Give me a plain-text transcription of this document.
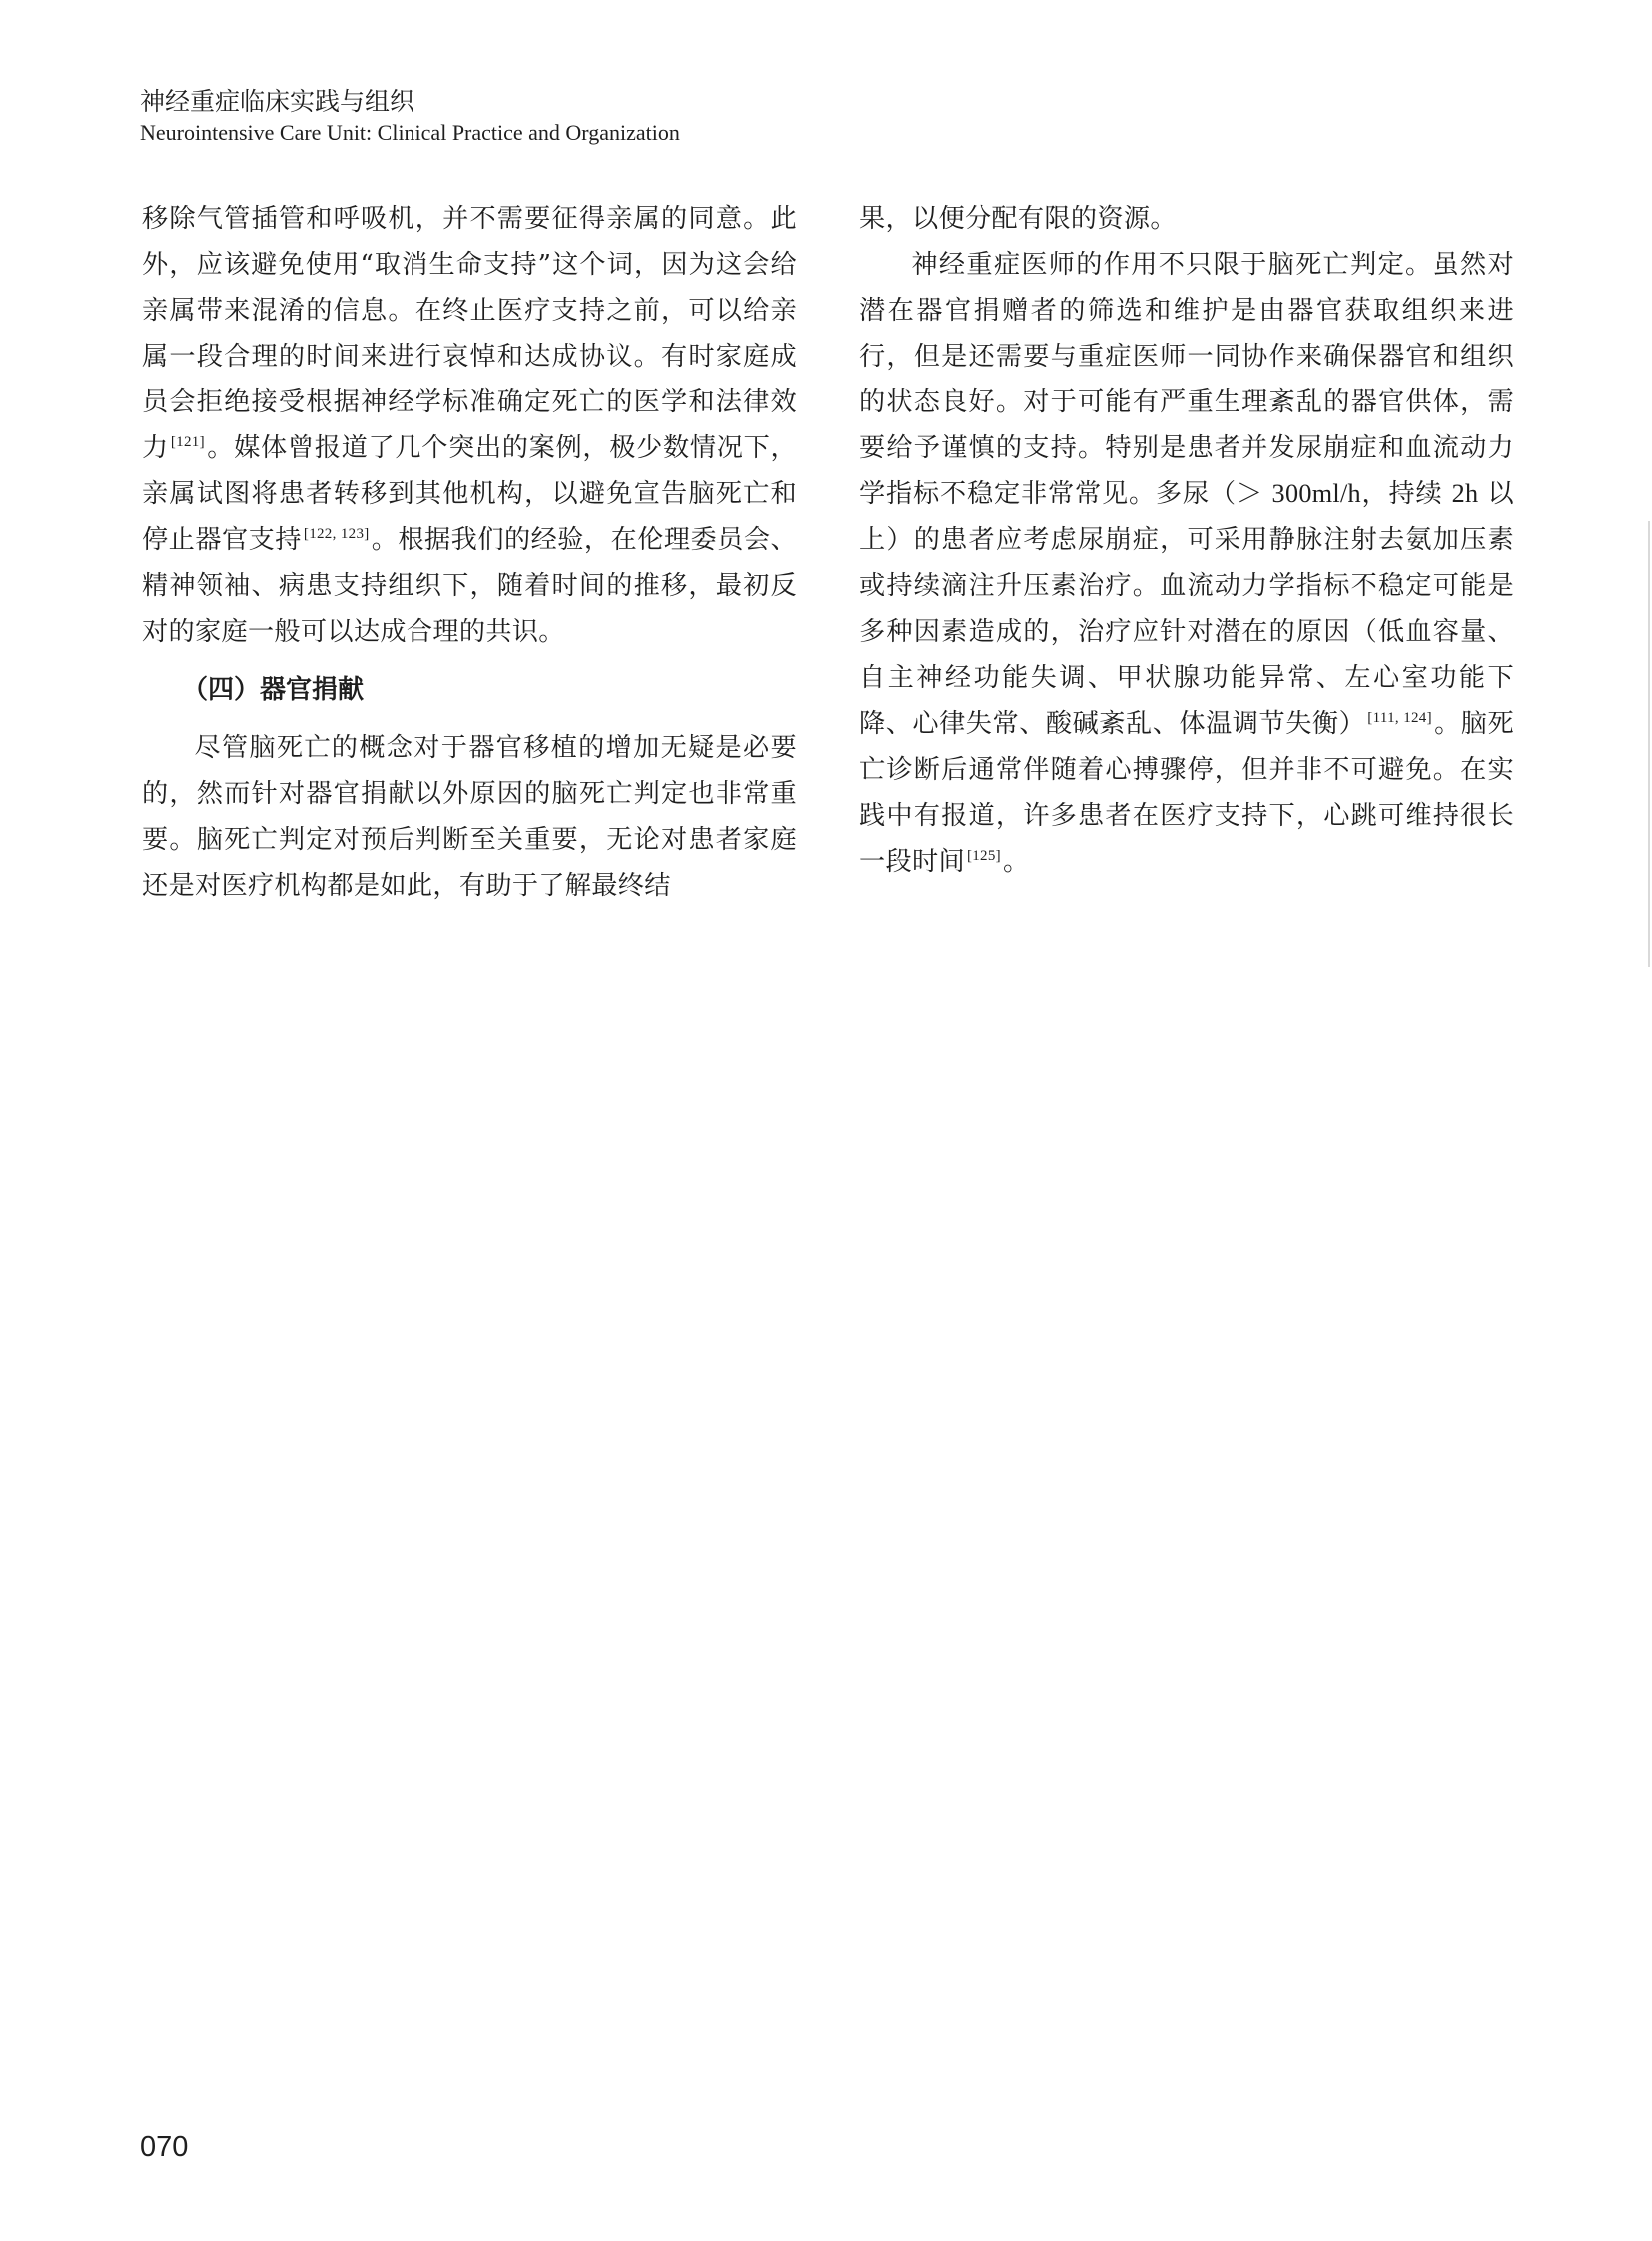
神经重症临床实践与组织
Neurointensive Care Unit: Clinical Practice and Organization

移除气管插管和呼吸机，并不需要征得亲属的同意。此外，应该避免使用“取消生命支持”这个词，因为这会给亲属带来混淆的信息。在终止医疗支持之前，可以给亲属一段合理的时间来进行哀悼和达成协议。有时家庭成员会拒绝接受根据神经学标准确定死亡的医学和法律效力 [121]。媒体曾报道了几个突出的案例，极少数情况下，亲属试图将患者转移到其他机构，以避免宣告脑死亡和停止器官支持 [122, 123]。根据我们的经验，在伦理委员会、精神领袖、病患支持组织下，随着时间的推移，最初反对的家庭一般可以达成合理的共识。

（四）器官捐献

尽管脑死亡的概念对于器官移植的增加无疑是必要的，然而针对器官捐献以外原因的脑死亡判定也非常重要。脑死亡判定对预后判断至关重要，无论对患者家庭还是对医疗机构都是如此，有助于了解最终结

果，以便分配有限的资源。

神经重症医师的作用不只限于脑死亡判定。虽然对潜在器官捐赠者的筛选和维护是由器官获取组织来进行，但是还需要与重症医师一同协作来确保器官和组织的状态良好。对于可能有严重生理紊乱的器官供体，需要给予谨慎的支持。特别是患者并发尿崩症和血流动力学指标不稳定非常常见。多尿（＞ 300ml/h，持续 2h 以上）的患者应考虑尿崩症，可采用静脉注射去氨加压素或持续滴注升压素治疗。血流动力学指标不稳定可能是多种因素造成的，治疗应针对潜在的原因（低血容量、自主神经功能失调、甲状腺功能异常、左心室功能下降、心律失常、酸碱紊乱、体温调节失衡） [111, 124]。脑死亡诊断后通常伴随着心搏骤停，但并非不可避免。在实践中有报道，许多患者在医疗支持下，心跳可维持很长一段时间 [125]。

070
